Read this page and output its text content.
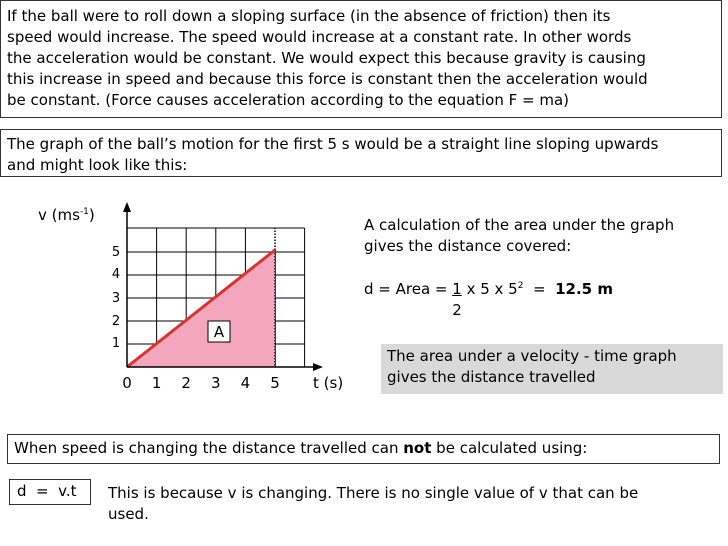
If the ball were to roll down a sloping surface (in the absence of friction) then its
speed would increase. The speed would increase at a constant rate. In other words
the acceleration would be constant. We would expect this because gravity is causing
this increase in speed and because this force is constant then the acceleration would
be constant. (Force causes acceleration according to the equation F = ma)
The graph of the ball’s motion for the first 5 s would be a straight line sloping upwards
and might look like this:
A
0 1 2 3 4 5
1
2
3
4
5
v $(ms^{-1})$
t (s)
A calculation of the area under the graph
gives the distance covered:
d = Area = $\frac{1}{2}$ x 5 x $5^2 = 12.5$ m
The area under a velocity - time graph
gives the distance travelled
When speed is changing the distance travelled can not be calculated using:
d  =  v.t	This is because v is changing. There is no single value of v that can be
used.
